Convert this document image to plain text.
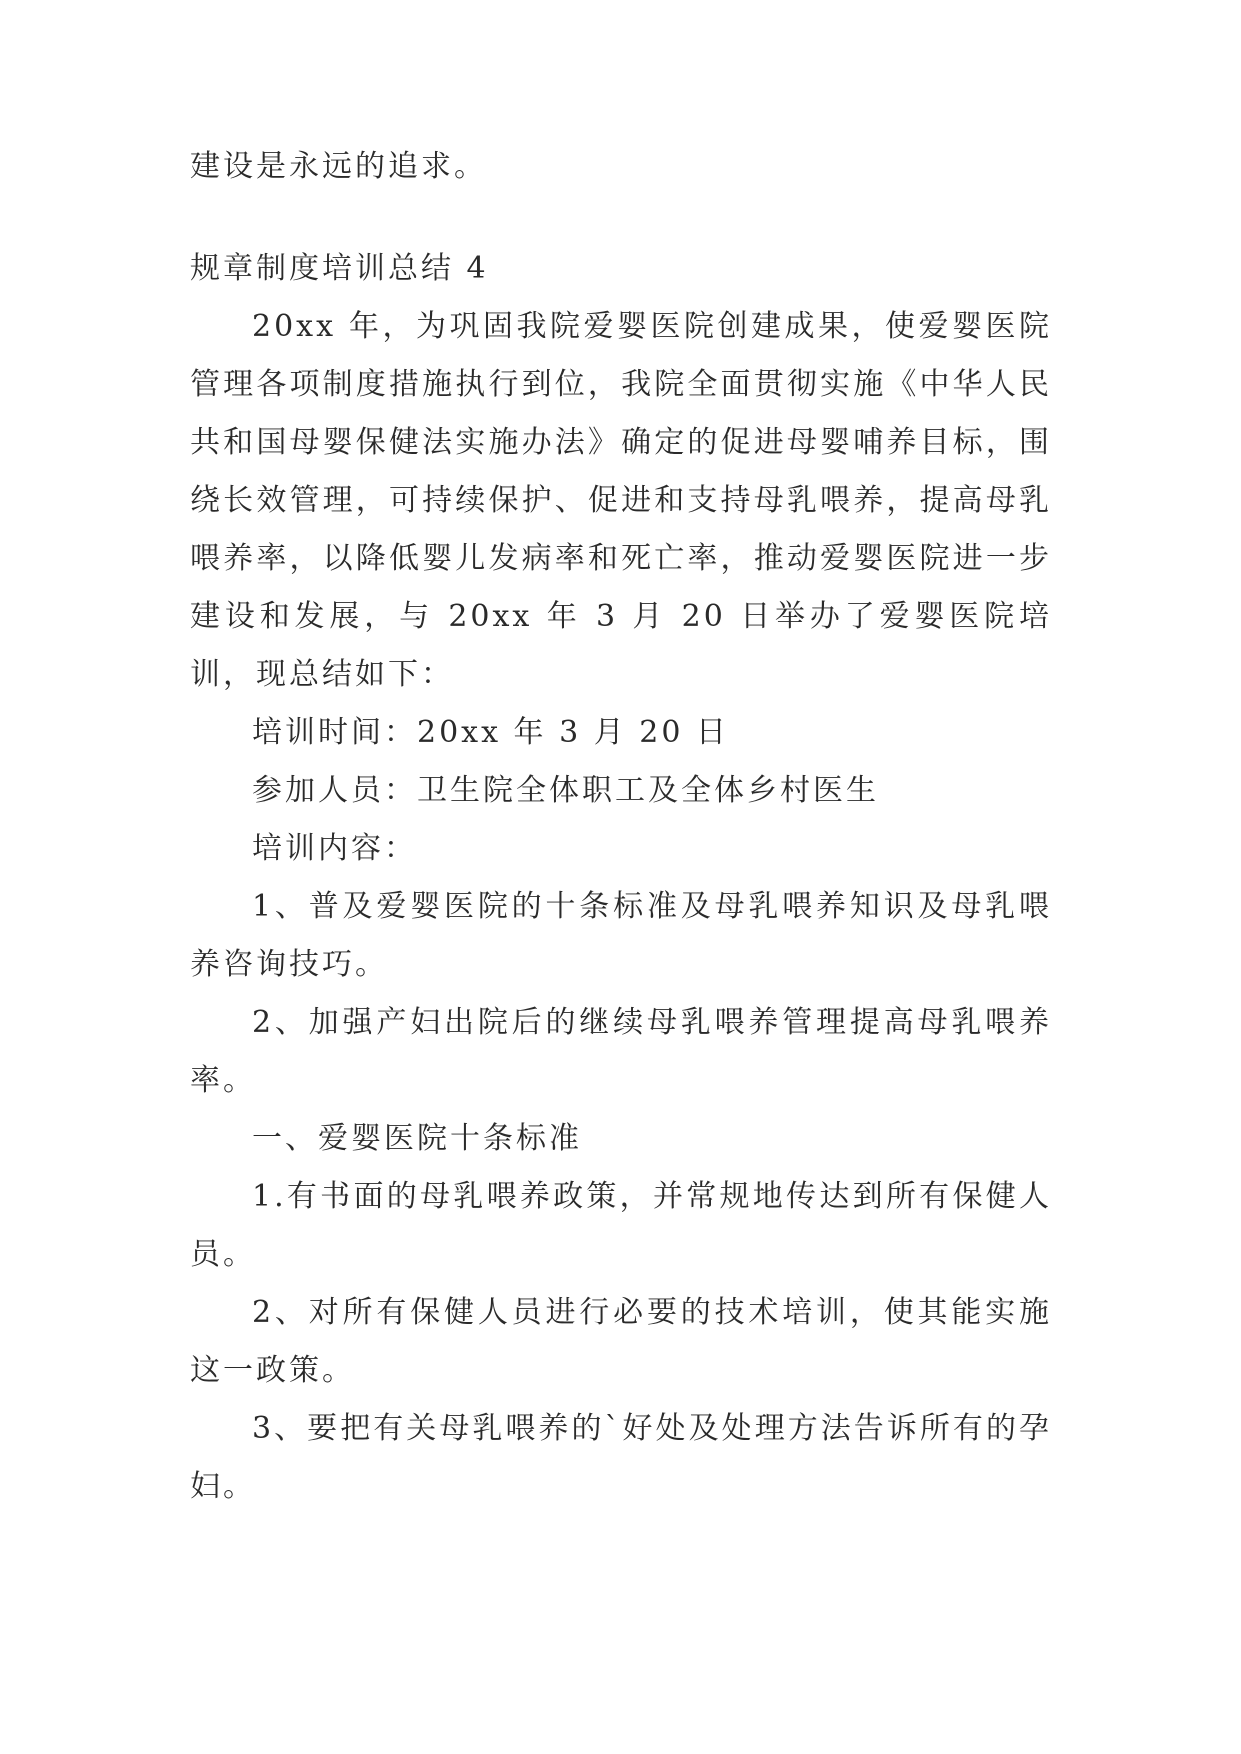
建设是永远的追求。

规章制度培训总结 4

20xx 年，为巩固我院爱婴医院创建成果，使爱婴医院管理各项制度措施执行到位，我院全面贯彻实施《中华人民共和国母婴保健法实施办法》确定的促进母婴哺养目标，围绕长效管理，可持续保护、促进和支持母乳喂养，提高母乳喂养率，以降低婴儿发病率和死亡率，推动爱婴医院进一步建设和发展，与 20xx 年 3 月 20 日举办了爱婴医院培训，现总结如下：

培训时间：20xx 年 3 月 20 日

参加人员：卫生院全体职工及全体乡村医生

培训内容：

1、普及爱婴医院的十条标准及母乳喂养知识及母乳喂养咨询技巧。

2、加强产妇出院后的继续母乳喂养管理提高母乳喂养率。

一、爱婴医院十条标准

1.有书面的母乳喂养政策，并常规地传达到所有保健人员。

2、对所有保健人员进行必要的技术培训，使其能实施这一政策。

3、要把有关母乳喂养的`好处及处理方法告诉所有的孕妇。
